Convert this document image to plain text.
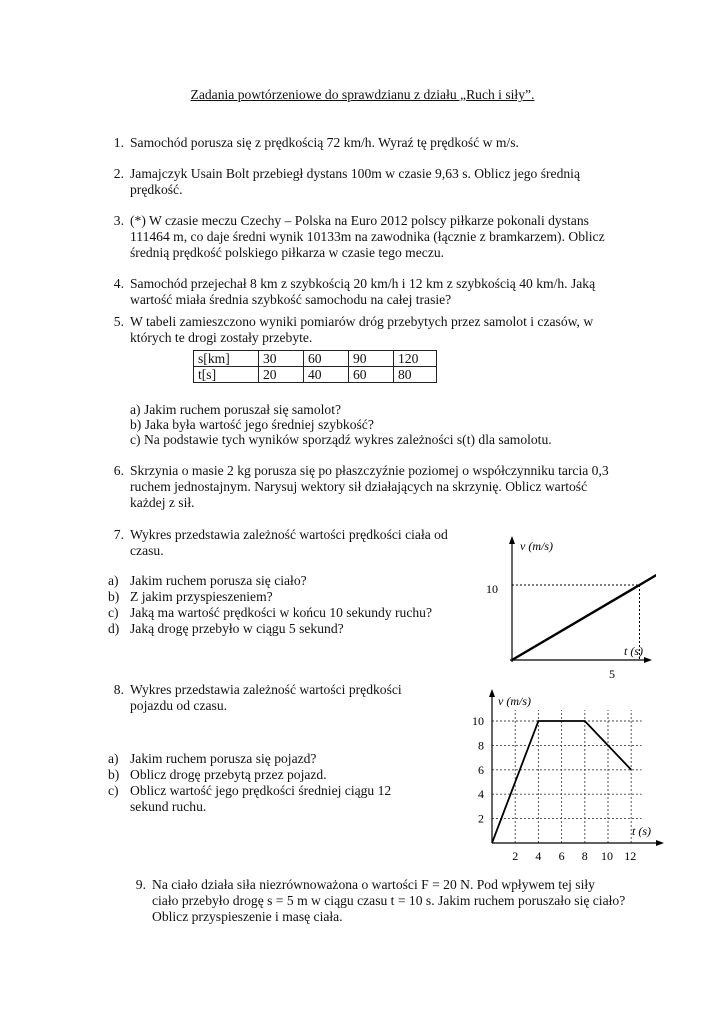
Zadania powtórzeniowe do sprawdzianu z działu „Ruch i siły”.
1. Samochód porusza się z prędkością 72 km/h. Wyraź tę prędkość w m/s.
2. Jamajczyk Usain Bolt przebiegł dystans 100m w czasie 9,63 s. Oblicz jego średnią
prędkość.
3. (*) W czasie meczu Czechy – Polska na Euro 2012 polscy piłkarze pokonali dystans
111464 m, co daje średni wynik 10133m na zawodnika (łącznie z bramkarzem). Oblicz
średnią prędkość polskiego piłkarza w czasie tego meczu.
4. Samochód przejechał 8 km z szybkością 20 km/h i 12 km z szybkością 40 km/h. Jaką
wartość miała średnia szybkość samochodu na całej trasie?
5. W tabeli zamieszczono wyniki pomiarów dróg przebytych przez samolot i czasów, w
których te drogi zostały przebyte.
s[km]	30	60	90	120
t[s]	20	40	60	80
a) Jakim ruchem poruszał się samolot?
b) Jaka była wartość jego średniej szybkość?
c) Na podstawie tych wyników sporządź wykres zależności s(t) dla samolotu.
6. Skrzynia o masie 2 kg porusza się po płaszczyźnie poziomej o współczynniku tarcia 0,3
ruchem jednostajnym. Narysuj wektory sił działających na skrzynię. Oblicz wartość
każdej z sił.
7. Wykres przedstawia zależność wartości prędkości ciała od
czasu.
a) Jakim ruchem porusza się ciało?
b) Z jakim przyspieszeniem?
c) Jaką ma wartość prędkości w końcu 10 sekundy ruchu?
d) Jaką drogę przebyło w ciągu 5 sekund?
v (m/s)
t (s)
10
5
8. Wykres przedstawia zależność wartości prędkości
pojazdu od czasu.
a) Jakim ruchem porusza się pojazd?
b) Oblicz drogę przebytą przez pojazd.
c) Oblicz wartość jego prędkości średniej ciągu 12
sekund ruchu.
v (m/s)
t (s)
2 4 6 8 10 12
2
4
6
8
10
9. Na ciało działa siła niezrównoważona o wartości F = 20 N. Pod wpływem tej siły
ciało przebyło drogę s = 5 m w ciągu czasu t = 10 s. Jakim ruchem poruszało się ciało?
Oblicz przyspieszenie i masę ciała.
